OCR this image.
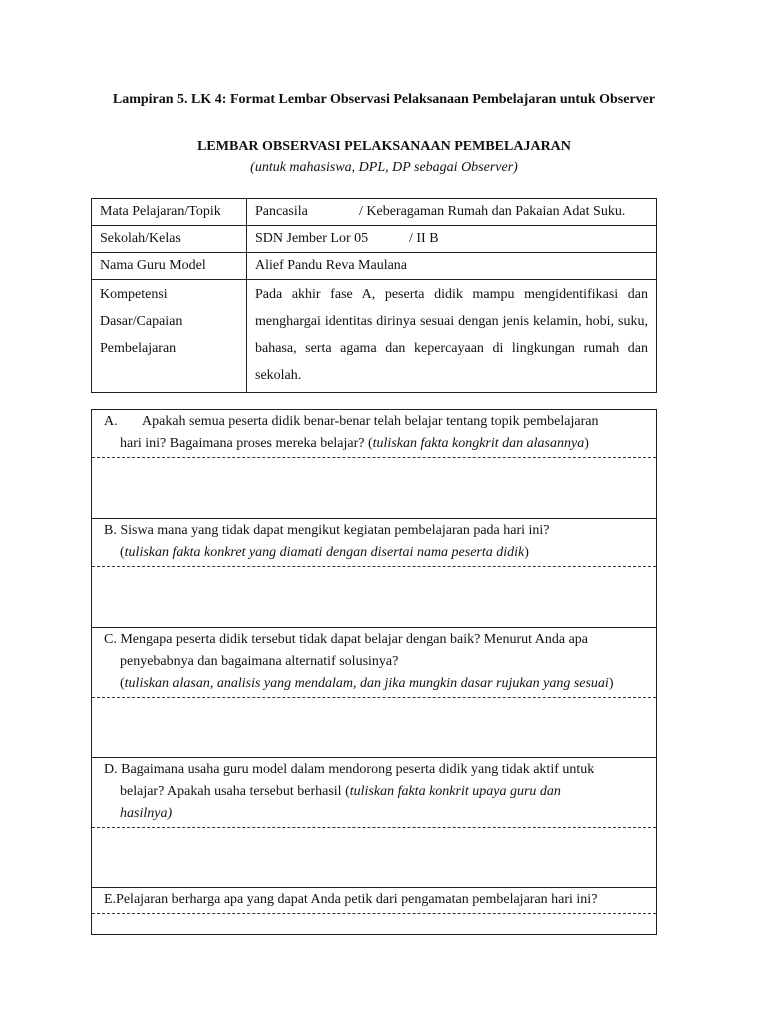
Lampiran 5. LK 4: Format Lembar Observasi Pelaksanaan Pembelajaran untuk Observer
LEMBAR OBSERVASI PELAKSANAAN PEMBELAJARAN
(untuk mahasiswa, DPL, DP sebagai Observer)
Mata Pelajaran/Topik	Pancasila / Keberagaman Rumah dan Pakaian Adat Suku.
Sekolah/Kelas	SDN Jember Lor 05 / II B
Nama Guru Model	Alief Pandu Reva Maulana

Kompetensi
Dasar/Capaian
Pembelajaran	Pada akhir fase A, peserta didik mampu mengidentifikasi dan menghargai identitas dirinya sesuai dengan jenis kelamin, hobi, suku, bahasa, serta agama dan kepercayaan di lingkungan rumah dan sekolah.
A. Apakah semua peserta didik benar-benar telah belajar tentang topik pembelajaran
hari ini? Bagaimana proses mereka belajar? (tuliskan fakta kongkrit dan alasannya)
B. Siswa mana yang tidak dapat mengikut kegiatan pembelajaran pada hari ini?
(tuliskan fakta konkret yang diamati dengan disertai nama peserta didik)
C. Mengapa peserta didik tersebut tidak dapat belajar dengan baik? Menurut Anda apa
penyebabnya dan bagaimana alternatif solusinya?
(tuliskan alasan, analisis yang mendalam, dan jika mungkin dasar rujukan yang sesuai)
D. Bagaimana usaha guru model dalam mendorong peserta didik yang tidak aktif untuk
belajar? Apakah usaha tersebut berhasil (tuliskan fakta konkrit upaya guru dan
hasilnya)
E.Pelajaran berharga apa yang dapat Anda petik dari pengamatan pembelajaran hari ini?
